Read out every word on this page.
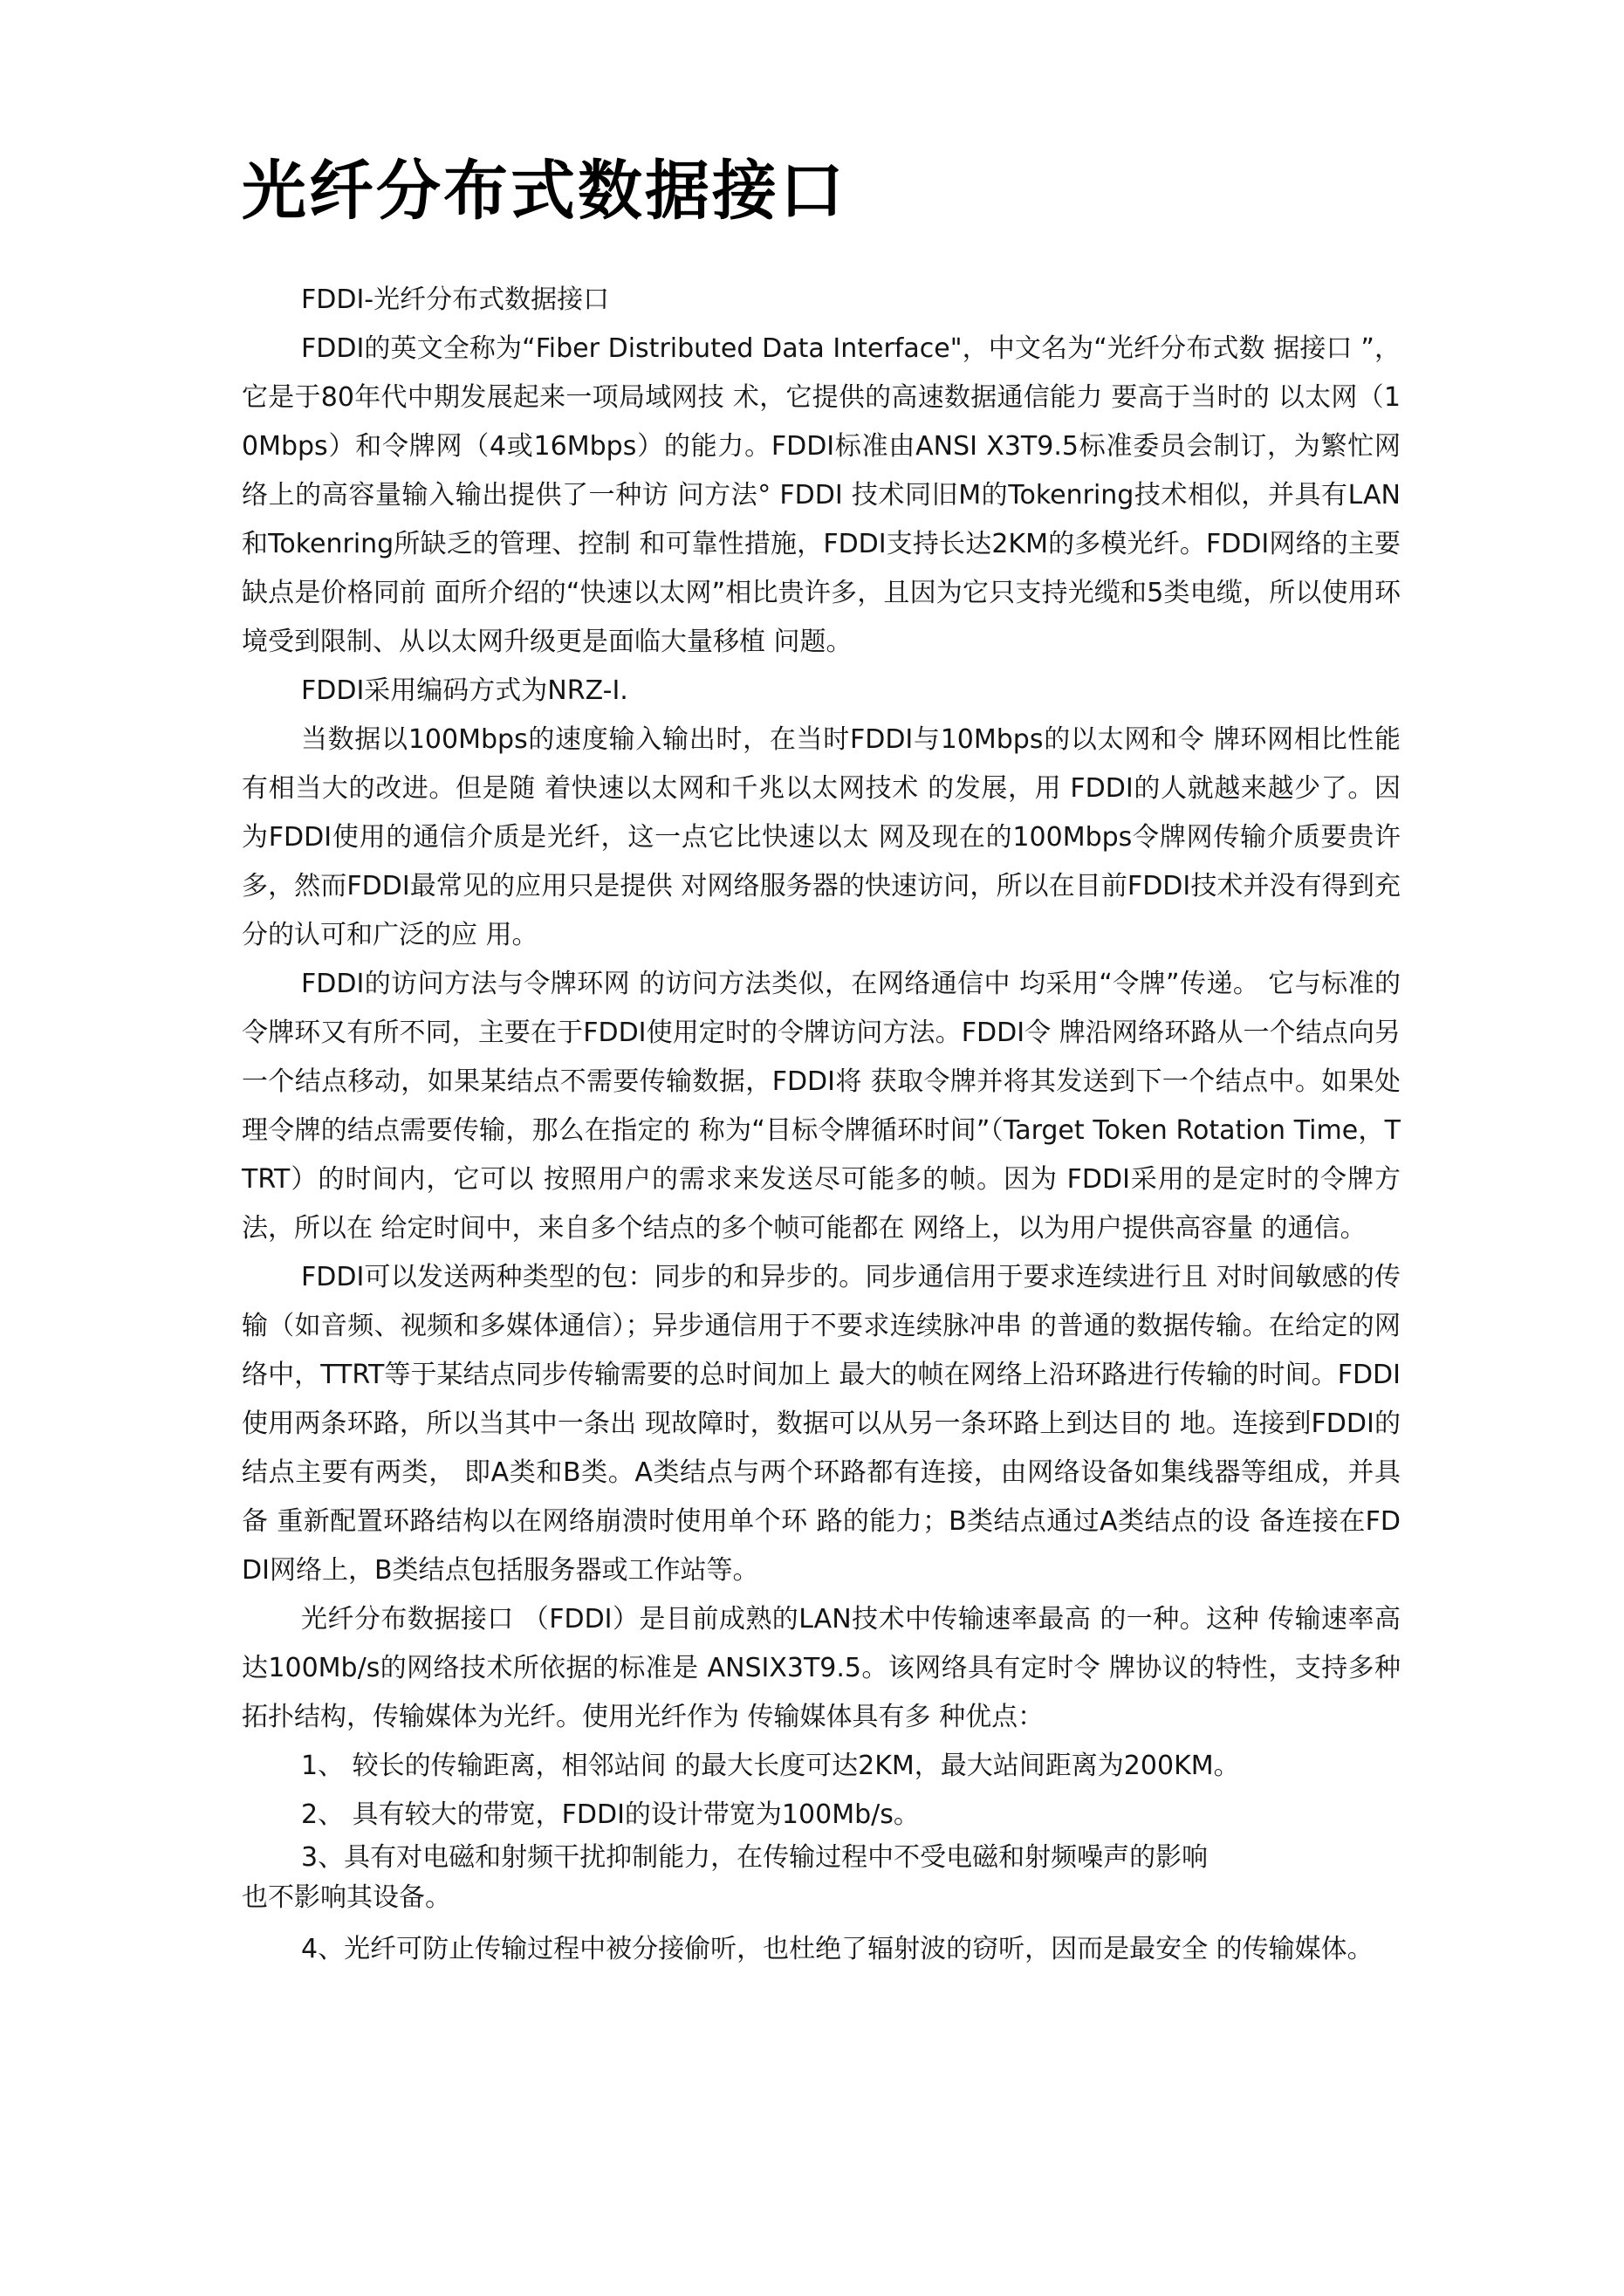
光纤分布式数据接口

FDDI-光纤分布式数据接口

FDDI的英文全称为“Fiber Distributed Data Interface"，中文名为“光纤分布式数 据接口 ”，它是于80年代中期发展起来一项局域网技 术，它提供的高速数据通信能力 要高于当时的 以太网（10Mbps）和令牌网（4或16Mbps）的能力。FDDI标准由ANSI X3T9.5标准委员会制订，为繁忙网络上的高容量输入输出提供了一种访 问方法° FDDI 技术同旧M的Tokenring技术相似，并具有LAN和Tokenring所缺乏的管理、控制 和可靠性措施，FDDI支持长达2KM的多模光纤。FDDI网络的主要缺点是价格同前 面所介绍的“快速以太网”相比贵许多，且因为它只支持光缆和5类电缆，所以使用环 境受到限制、从以太网升级更是面临大量移植 问题。

FDDI采用编码方式为NRZ-I.

当数据以100Mbps的速度输入输出时，在当时FDDI与10Mbps的以太网和令 牌环网相比性能有相当大的改进。但是随 着快速以太网和千兆以太网技术 的发展，用 FDDI的人就越来越少了。因为FDDI使用的通信介质是光纤，这一点它比快速以太 网及现在的100Mbps令牌网传输介质要贵许多，然而FDDI最常见的应用只是提供 对网络服务器的快速访问，所以在目前FDDI技术并没有得到充分的认可和广泛的应 用。

FDDI的访问方法与令牌环网 的访问方法类似，在网络通信中 均采用“令牌”传递。 它与标准的令牌环又有所不同，主要在于FDDI使用定时的令牌访问方法。FDDI令 牌沿网络环路从一个结点向另一个结点移动，如果某结点不需要传输数据，FDDI将 获取令牌并将其发送到下一个结点中。如果处理令牌的结点需要传输，那么在指定的 称为“目标令牌循环时间”（Target Token Rotation Time，TTRT）的时间内，它可以 按照用户的需求来发送尽可能多的帧。因为 FDDI采用的是定时的令牌方法，所以在 给定时间中，来自多个结点的多个帧可能都在 网络上，以为用户提供高容量 的通信。

FDDI可以发送两种类型的包：同步的和异步的。同步通信用于要求连续进行且 对时间敏感的传输（如音频、视频和多媒体通信）；异步通信用于不要求连续脉冲串 的普通的数据传输。在给定的网络中，TTRT等于某结点同步传输需要的总时间加上 最大的帧在网络上沿环路进行传输的时间。FDDI使用两条环路，所以当其中一条出 现故障时，数据可以从另一条环路上到达目的 地。连接到FDDI的结点主要有两类， 即A类和B类。A类结点与两个环路都有连接，由网络设备如集线器等组成，并具备 重新配置环路结构以在网络崩溃时使用单个环 路的能力；B类结点通过A类结点的设 备连接在FDDI网络上，B类结点包括服务器或工作站等。

光纤分布数据接口 （FDDI）是目前成熟的LAN技术中传输速率最高 的一种。这种 传输速率高达100Mb/s的网络技术所依据的标准是 ANSIX3T9.5。该网络具有定时令 牌协议的特性，支持多种拓扑结构，传输媒体为光纤。使用光纤作为 传输媒体具有多 种优点：

1、 较长的传输距离，相邻站间 的最大长度可达2KM，最大站间距离为200KM。

2、 具有较大的带宽，FDDI的设计带宽为100Mb/s。

3、具有对电磁和射频干扰抑制能力，在传输过程中不受电磁和射频噪声的影响

也不影响其设备。

4、光纤可防止传输过程中被分接偷听，也杜绝了辐射波的窃听，因而是最安全 的传输媒体。
